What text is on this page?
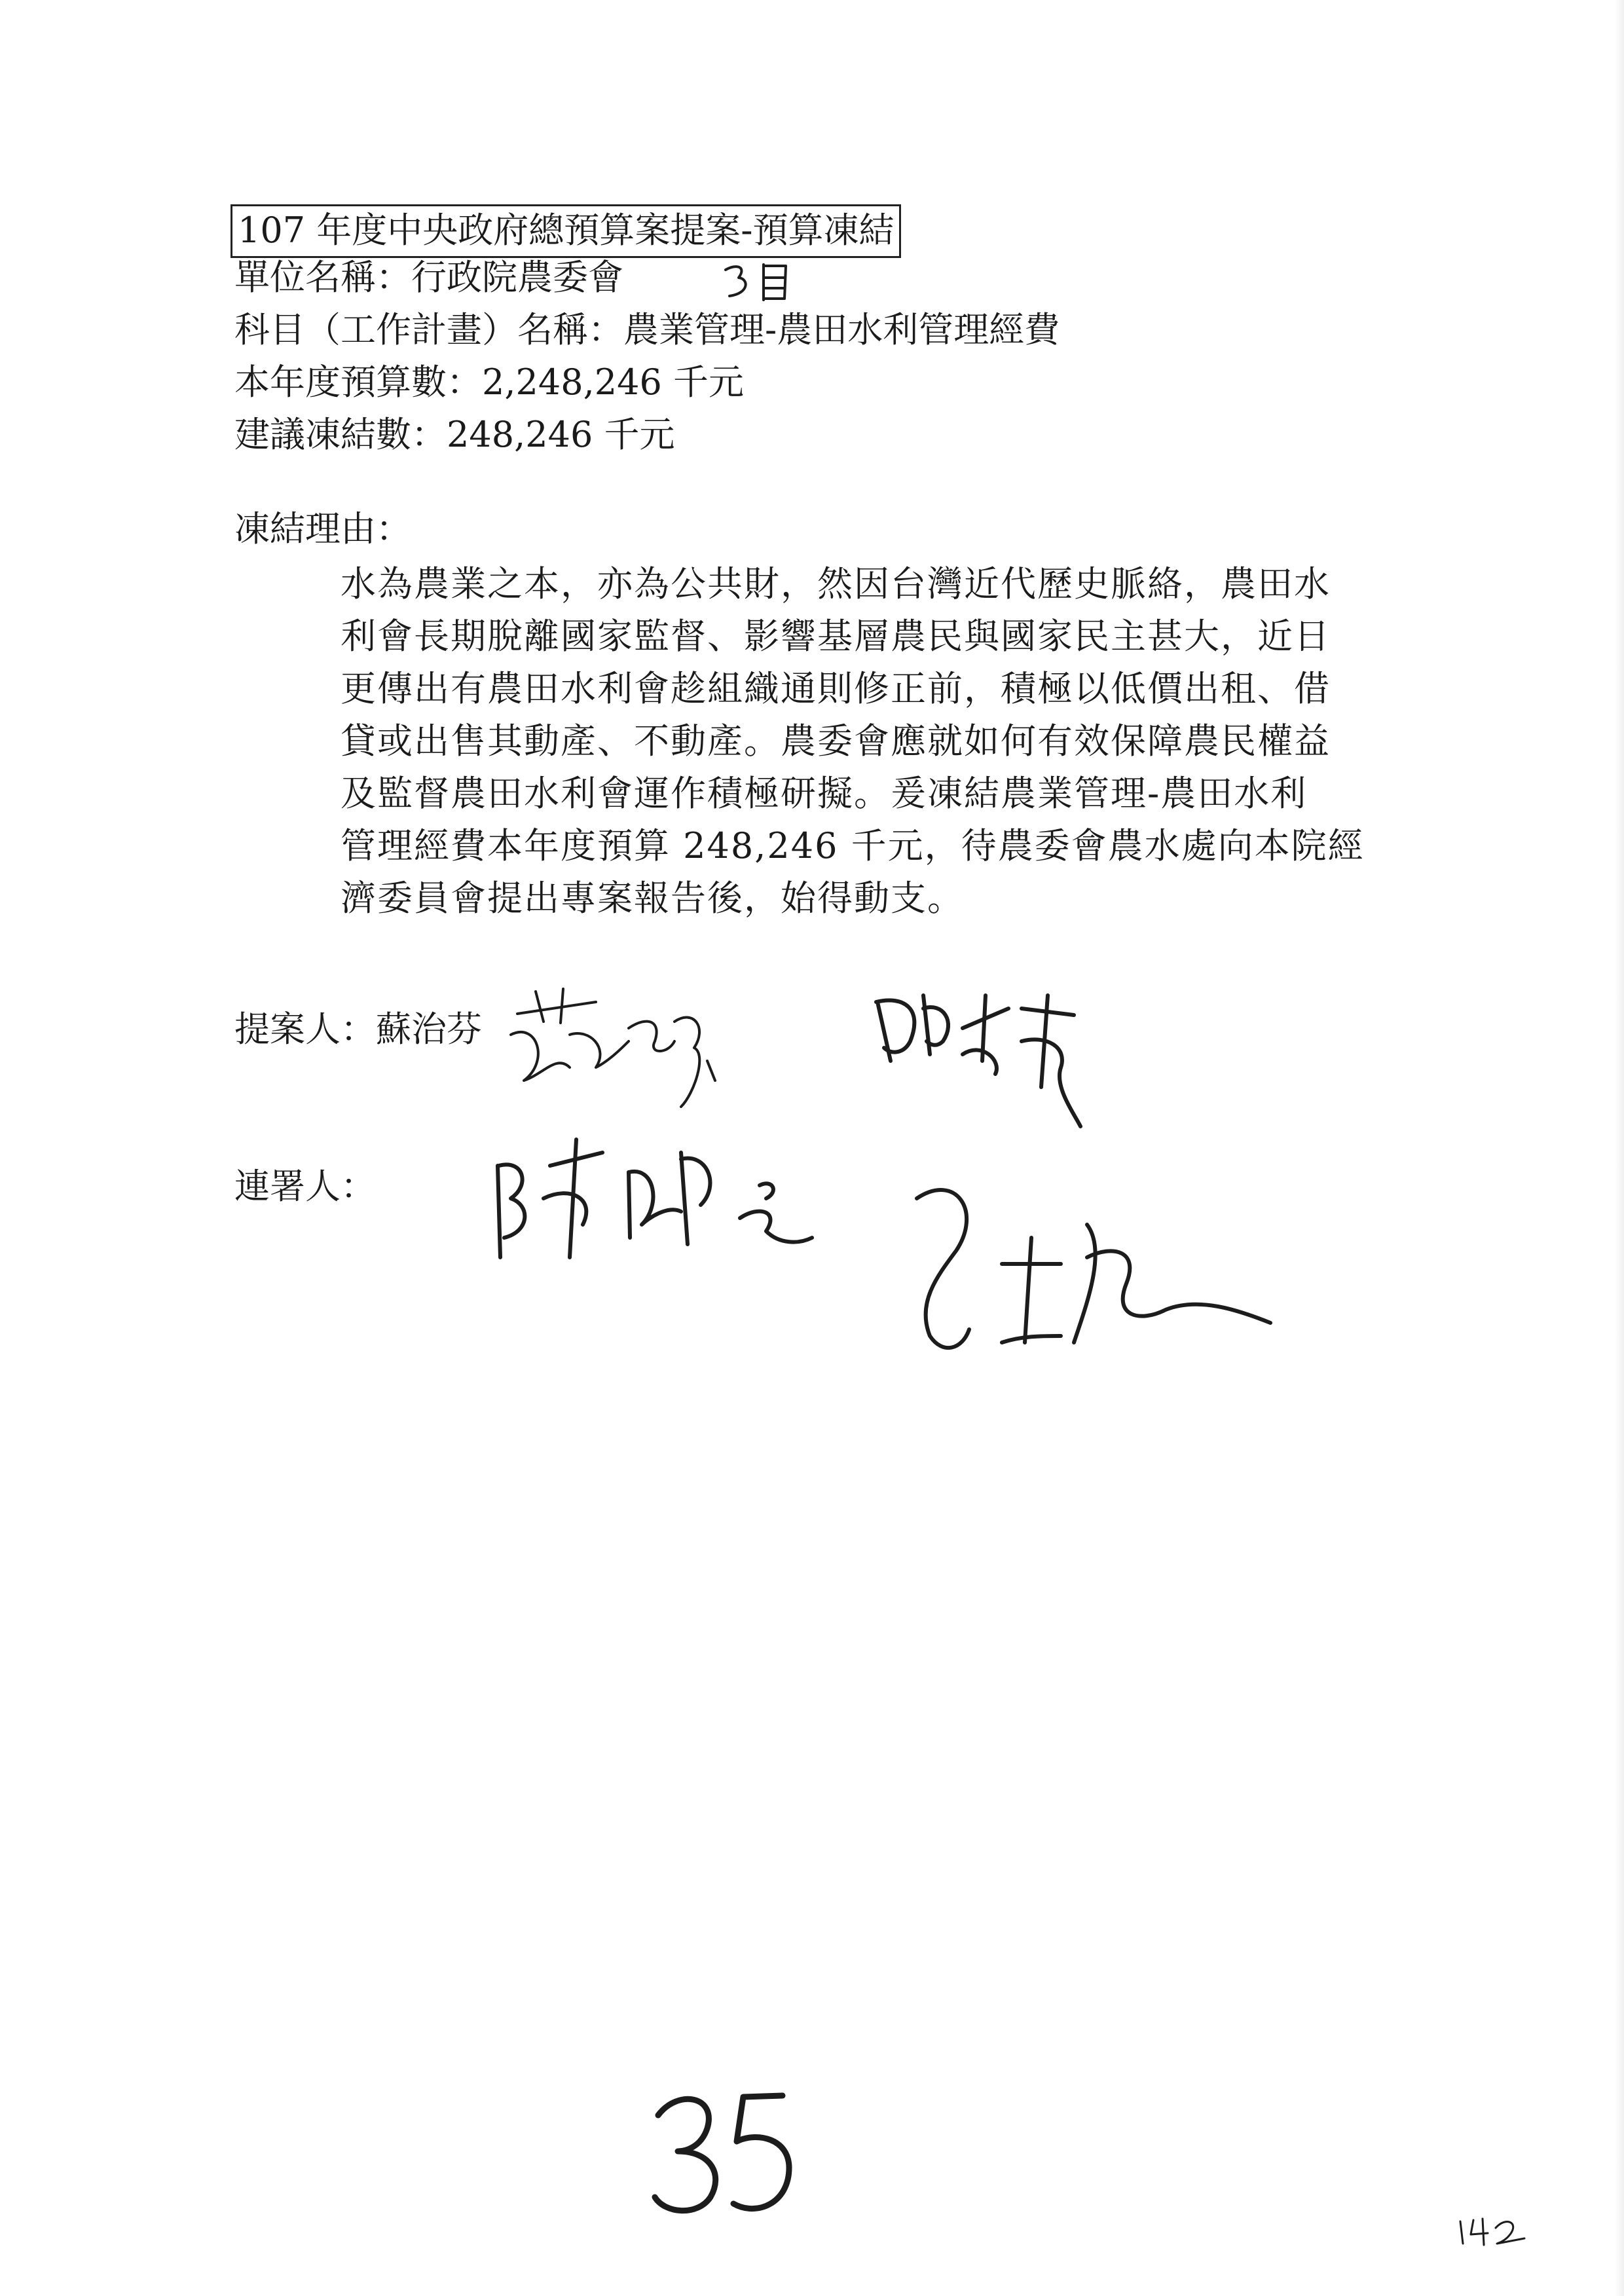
107 年度中央政府總預算案提案-預算凍結
單位名稱：行政院農委會
科目（工作計畫）名稱：農業管理-農田水利管理經費
本年度預算數：2,248,246 千元
建議凍結數：248,246 千元
凍結理由：
水為農業之本，亦為公共財，然因台灣近代歷史脈絡，農田水
利會長期脫離國家監督、影響基層農民與國家民主甚大，近日
更傳出有農田水利會趁組織通則修正前，積極以低價出租、借
貸或出售其動產、不動產。農委會應就如何有效保障農民權益
及監督農田水利會運作積極研擬。爰凍結農業管理-農田水利
管理經費本年度預算 248,246 千元，待農委會農水處向本院經
濟委員會提出專案報告後，始得動支。
提案人：蘇治芬
連署人：
